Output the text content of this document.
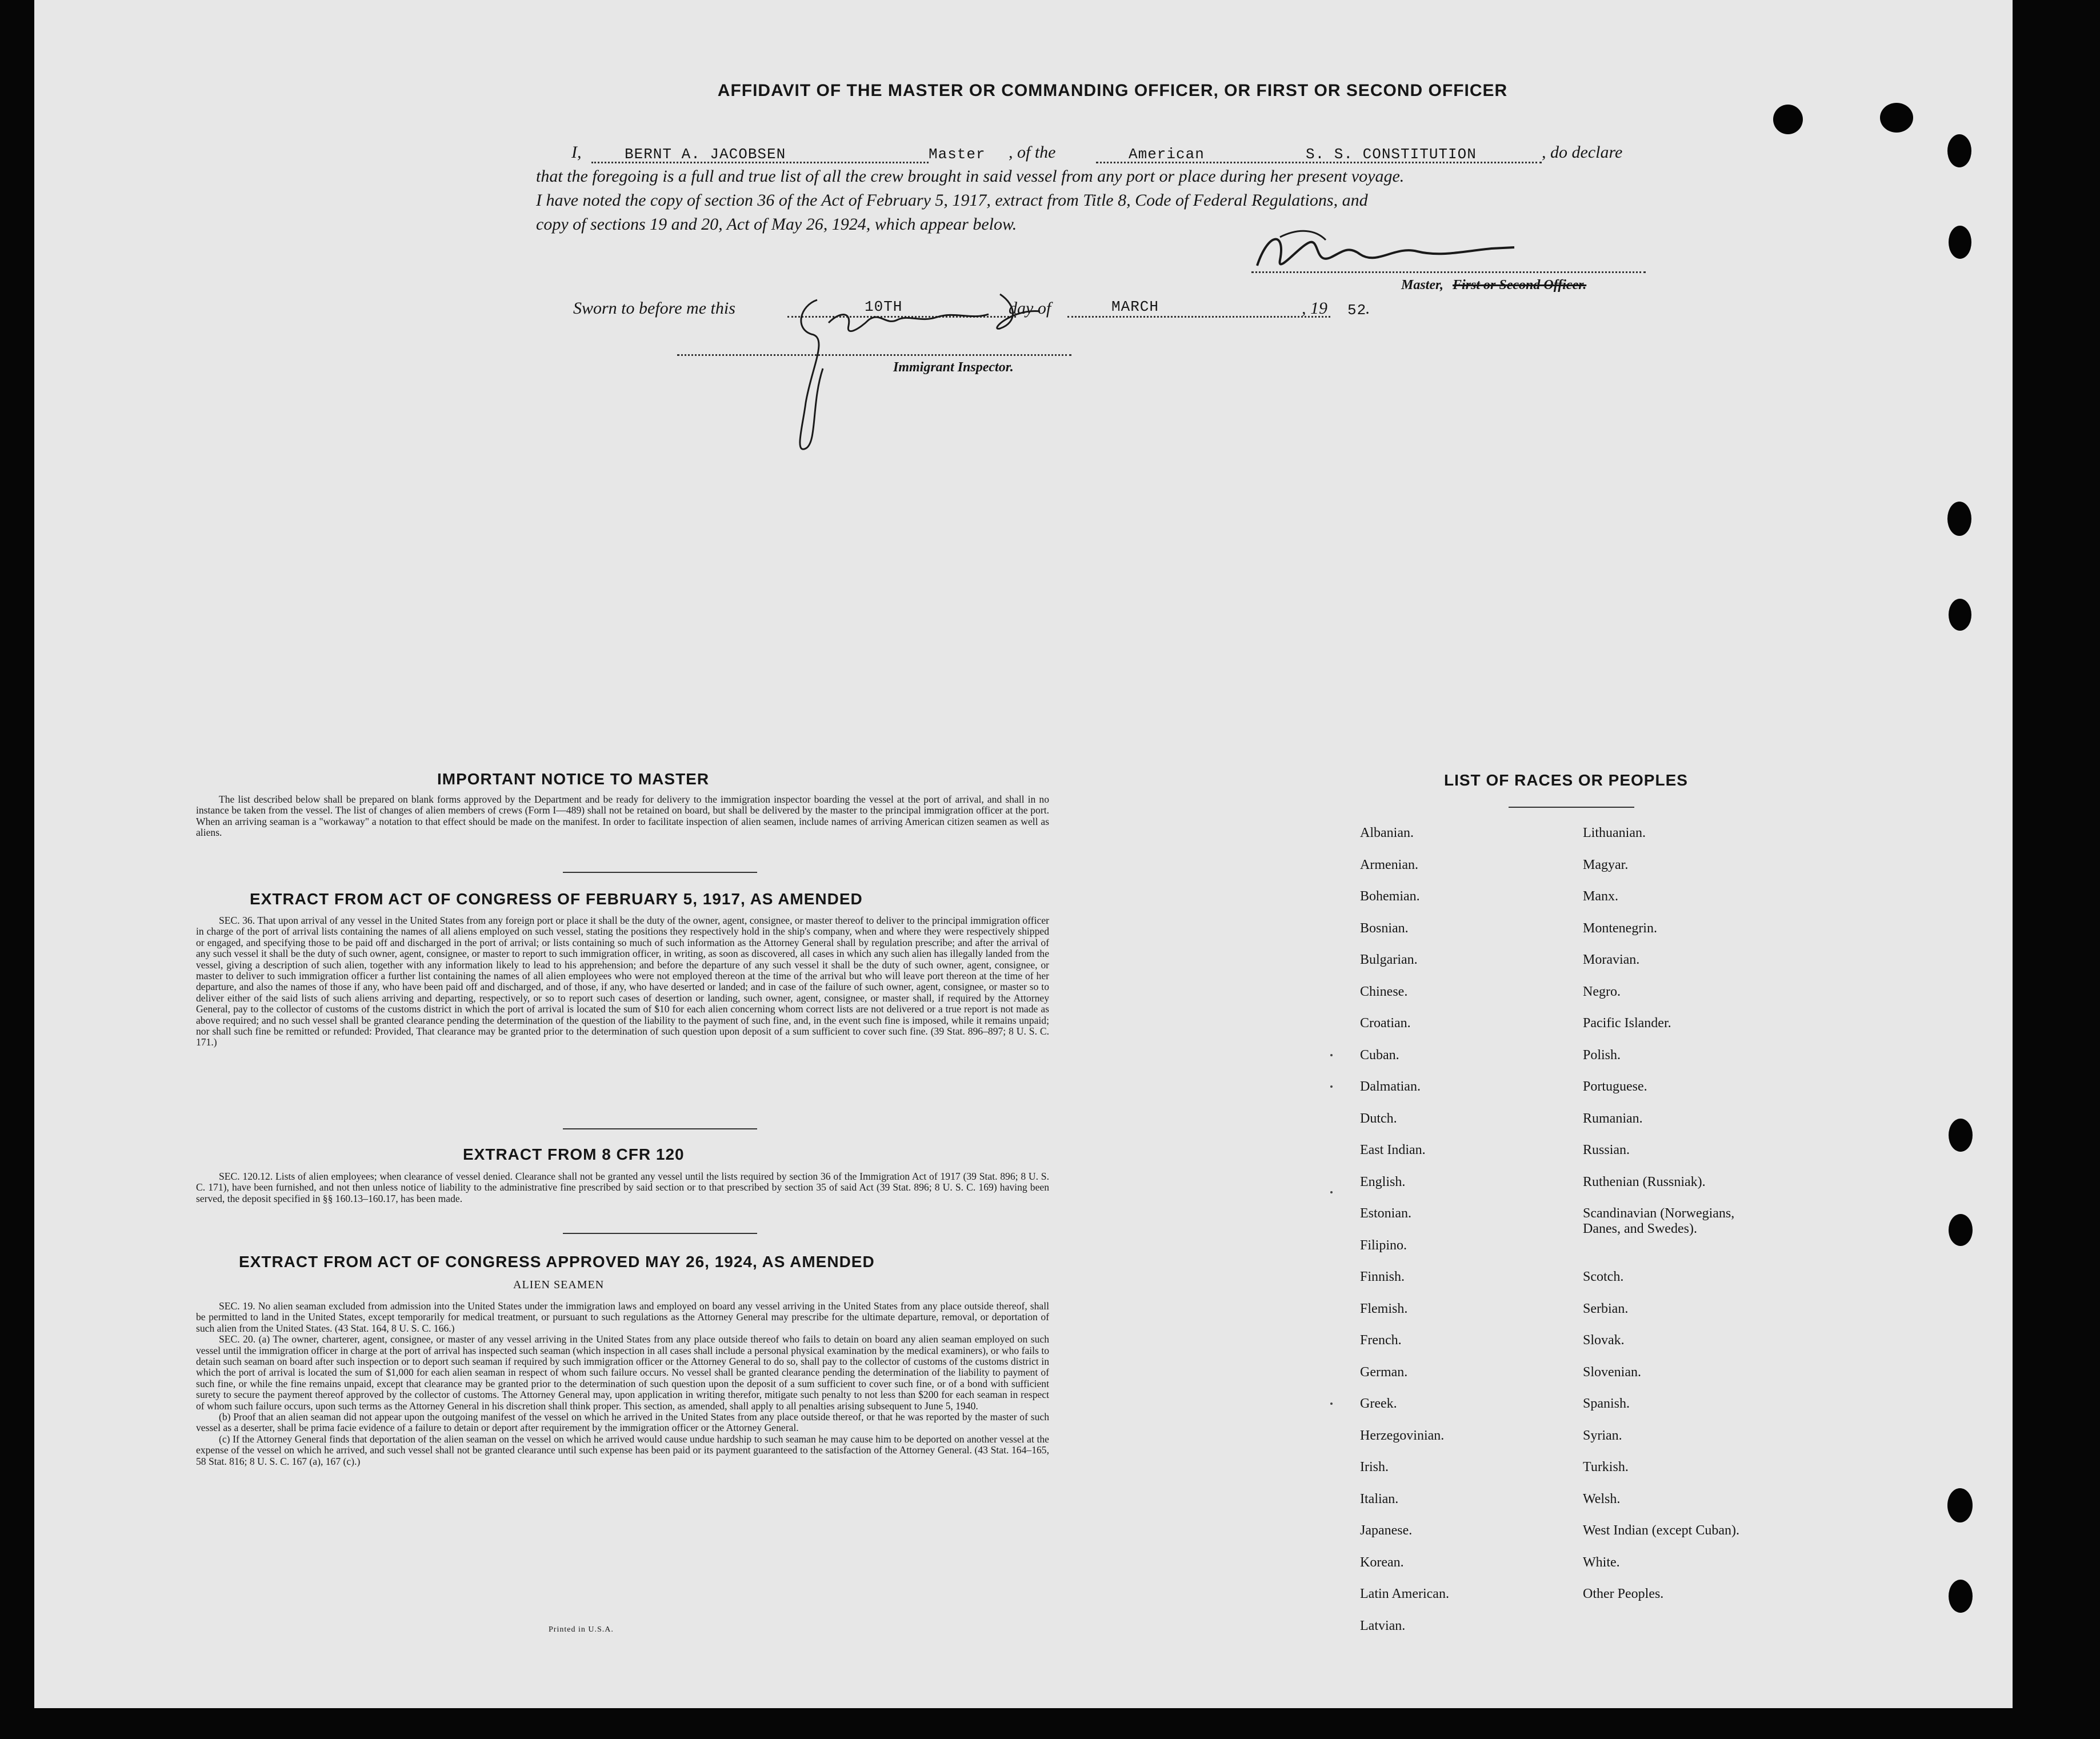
AFFIDAVIT OF THE MASTER OR COMMANDING OFFICER, OR FIRST OR SECOND OFFICER
I,	BERNT A. JACOBSEN	Master , of the	American	S. S. CONSTITUTION	, do declare
that the foregoing is a full and true list of all the crew brought in said vessel from any port or place during her present voyage.
I have noted the copy of section 36 of the Act of February 5, 1917, extract from Title 8, Code of Federal Regulations, and
copy of sections 19 and 20, Act of May 26, 1924, which appear below.
Master, First or Second Officer.
Sworn to before me this	10TH	day of	MARCH	, 19 52
.
Immigrant Inspector.
IMPORTANT NOTICE TO MASTER

The list described below shall be prepared on blank forms approved by the Department and be ready for delivery to the immigration inspector boarding the vessel at the port of arrival, and shall in no instance be taken from the vessel. The list of changes of alien members of crews (Form I—489) shall not be retained on board, but shall be delivered by the master to the principal immigration officer at the port. When an arriving seaman is a "workaway" a notation to that effect should be made on the manifest. In order to facilitate inspection of alien seamen, include names of arriving American citizen seamen as well as aliens.

EXTRACT FROM ACT OF CONGRESS OF FEBRUARY 5, 1917, AS AMENDED

SEC. 36. That upon arrival of any vessel in the United States from any foreign port or place it shall be the duty of the owner, agent, consignee, or master thereof to deliver to the principal immigration officer in charge of the port of arrival lists containing the names of all aliens employed on such vessel, stating the positions they respectively hold in the ship's company, when and where they were respectively shipped or engaged, and specifying those to be paid off and discharged in the port of arrival; or lists containing so much of such information as the Attorney General shall by regulation prescribe; and after the arrival of any such vessel it shall be the duty of such owner, agent, consignee, or master to report to such immigration officer, in writing, as soon as discovered, all cases in which any such alien has illegally landed from the vessel, giving a description of such alien, together with any information likely to lead to his apprehension; and before the departure of any such vessel it shall be the duty of such owner, agent, consignee, or master to deliver to such immigration officer a further list containing the names of all alien employees who were not employed thereon at the time of the arrival but who will leave port thereon at the time of her departure, and also the names of those if any, who have been paid off and discharged, and of those, if any, who have deserted or landed; and in case of the failure of such owner, agent, consignee, or master so to deliver either of the said lists of such aliens arriving and departing, respectively, or so to report such cases of desertion or landing, such owner, agent, consignee, or master shall, if required by the Attorney General, pay to the collector of customs of the customs district in which the port of arrival is located the sum of $10 for each alien concerning whom correct lists are not delivered or a true report is not made as above required; and no such vessel shall be granted clearance pending the determination of the question of the liability to the payment of such fine, and, in the event such fine is imposed, while it remains unpaid; nor shall such fine be remitted or refunded: Provided, That clearance may be granted prior to the determination of such question upon deposit of a sum sufficient to cover such fine. (39 Stat. 896–897; 8 U. S. C. 171.)

EXTRACT FROM 8 CFR 120

SEC. 120.12. Lists of alien employees; when clearance of vessel denied. Clearance shall not be granted any vessel until the lists required by section 36 of the Immigration Act of 1917 (39 Stat. 896; 8 U. S. C. 171), have been furnished, and not then unless notice of liability to the administrative fine prescribed by said section or to that prescribed by section 35 of said Act (39 Stat. 896; 8 U. S. C. 169) having been served, the deposit specified in §§ 160.13–160.17, has been made.

EXTRACT FROM ACT OF CONGRESS APPROVED MAY 26, 1924, AS AMENDED
ALIEN SEAMEN

SEC. 19. No alien seaman excluded from admission into the United States under the immigration laws and employed on board any vessel arriving in the United States from any place outside thereof, shall be permitted to land in the United States, except temporarily for medical treatment, or pursuant to such regulations as the Attorney General may prescribe for the ultimate departure, removal, or deportation of such alien from the United States. (43 Stat. 164, 8 U. S. C. 166.)

SEC. 20. (a) The owner, charterer, agent, consignee, or master of any vessel arriving in the United States from any place outside thereof who fails to detain on board any alien seaman employed on such vessel until the immigration officer in charge at the port of arrival has inspected such seaman (which inspection in all cases shall include a personal physical examination by the medical examiners), or who fails to detain such seaman on board after such inspection or to deport such seaman if required by such immigration officer or the Attorney General to do so, shall pay to the collector of customs of the customs district in which the port of arrival is located the sum of $1,000 for each alien seaman in respect of whom such failure occurs. No vessel shall be granted clearance pending the determination of the liability to payment of such fine, or while the fine remains unpaid, except that clearance may be granted prior to the determination of such question upon the deposit of a sum sufficient to cover such fine, or of a bond with sufficient surety to secure the payment thereof approved by the collector of customs. The Attorney General may, upon application in writing therefor, mitigate such penalty to not less than $200 for each seaman in respect of whom such failure occurs, upon such terms as the Attorney General in his discretion shall think proper. This section, as amended, shall apply to all penalties arising subsequent to June 5, 1940.

(b) Proof that an alien seaman did not appear upon the outgoing manifest of the vessel on which he arrived in the United States from any place outside thereof, or that he was reported by the master of such vessel as a deserter, shall be prima facie evidence of a failure to detain or deport after requirement by the immigration officer or the Attorney General.

(c) If the Attorney General finds that deportation of the alien seaman on the vessel on which he arrived would cause undue hardship to such seaman he may cause him to be deported on another vessel at the expense of the vessel on which he arrived, and such vessel shall not be granted clearance until such expense has been paid or its payment guaranteed to the satisfaction of the Attorney General. (43 Stat. 164–165, 58 Stat. 816; 8 U. S. C. 167 (a), 167 (c).)

Printed in U.S.A.
LIST OF RACES OR PEOPLES
Albanian.
Armenian.
Bohemian.
Bosnian.
Bulgarian.
Chinese.
Croatian.
Cuban.
Dalmatian.
Dutch.
East Indian.
English.
Estonian.
Filipino.
Finnish.
Flemish.
French.
German.
Greek.
Herzegovinian.
Irish.
Italian.
Japanese.
Korean.
Latin American.
Latvian.
Lithuanian.
Magyar.
Manx.
Montenegrin.
Moravian.
Negro.
Pacific Islander.
Polish.
Portuguese.
Rumanian.
Russian.
Ruthenian (Russniak).
Scandinavian (Norwegians, Danes, and Swedes).
Scotch.
Serbian.
Slovak.
Slovenian.
Spanish.
Syrian.
Turkish.
Welsh.
West Indian (except Cuban).
White.
Other Peoples.
